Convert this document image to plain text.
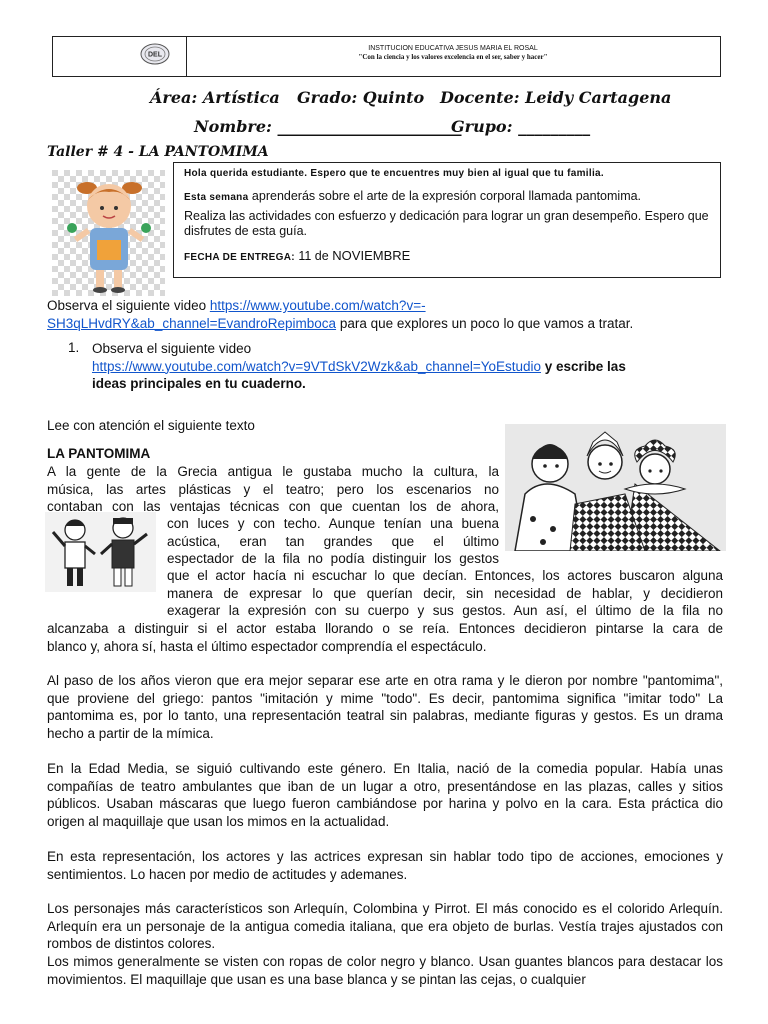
DEL
INSTITUCION EDUCATIVA JESUS MARIA EL ROSAL
"Con la ciencia y los valores excelencia en el ser, saber y hacer"
Área: Artística Grado: Quinto Docente: Leidy Cartagena
Nombre: _______________________
Grupo: _________
Taller # 4 - LA PANTOMIMA
Hola querida estudiante. Espero que te encuentres muy bien al igual que tu familia.
Esta semana aprenderás sobre el arte de la expresión corporal llamada pantomima.
Realiza las actividades con esfuerzo y dedicación para lograr un gran desempeño. Espero que disfrutes de esta guía.
FECHA DE ENTREGA: 11 de NOVIEMBRE
Observa el siguiente video https://www.youtube.com/watch?v=-
SH3qLHvdRY&ab_channel=EvandroRepimboca para que explores un poco lo que vamos a tratar.
1. Observa el siguiente video
https://www.youtube.com/watch?v=9VTdSkV2Wzk&ab_channel=YoEstudio y escribe las
ideas principales en tu cuaderno.
Lee con atención el siguiente texto
LA PANTOMIMA
A la gente de la Grecia antigua le gustaba mucho la cultura, la
música, las artes plásticas y el teatro; pero los escenarios no
contaban con las ventajas técnicas con que cuentan los de ahora,
con luces y con techo. Aunque tenían una buena
acústica, eran tan grandes que el último
espectador de la fila no podía distinguir los gestos
que el actor hacía ni escuchar lo que decían. Entonces, los actores buscaron alguna
manera de expresar lo que querían decir, sin necesidad de hablar, y decidieron
exagerar la expresión con su cuerpo y sus gestos. Aun así, el último de la fila no
alcanzaba a distinguir si el actor estaba llorando o se reía. Entonces decidieron pintarse la cara de
blanco y, ahora sí, hasta el último espectador comprendía el espectáculo.
Al paso de los años vieron que era mejor separar ese arte en otra rama y le dieron por nombre "pantomima", que proviene del griego: pantos "imitación y mime "todo". Es decir, pantomima significa "imitar todo" La pantomima es, por lo tanto, una representación teatral sin palabras, mediante figuras y gestos. Es un drama hecho a partir de la mímica.
En la Edad Media, se siguió cultivando este género. En Italia, nació de la comedia popular. Había unas compañías de teatro ambulantes que iban de un lugar a otro, presentándose en las plazas, calles y sitios públicos. Usaban máscaras que luego fueron cambiándose por harina y polvo en la cara. Esta práctica dio origen al maquillaje que usan los mimos en la actualidad.
En esta representación, los actores y las actrices expresan sin hablar todo tipo de acciones, emociones y sentimientos. Lo hacen por medio de actitudes y ademanes.
Los personajes más característicos son Arlequín, Colombina y Pirrot. El más conocido es el colorido Arlequín. Arlequín era un personaje de la antigua comedia italiana, que era objeto de burlas. Vestía trajes ajustados con rombos de distintos colores.
Los mimos generalmente se visten con ropas de color negro y blanco. Usan guantes blancos para destacar los movimientos. El maquillaje que usan es una base blanca y se pintan las cejas, o cualquier
